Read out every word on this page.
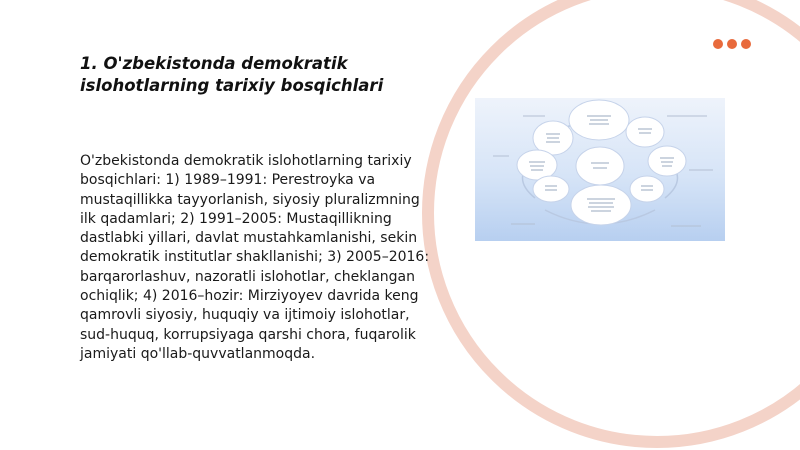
1. O'zbekistonda demokratik islohotlarning tarixiy bosqichlari

O'zbekistonda demokratik islohotlarning tarixiy bosqichlari: 1) 1989–1991: Perestroyka va mustaqillikka tayyorlanish, siyosiy pluralizmning ilk qadamlari; 2) 1991–2005: Mustaqillikning dastlabki yillari, davlat mustahkamlanishi, sekin demokratik institutlar shakllanishi; 3) 2005–2016: barqarorlashuv, nazoratli islohotlar, cheklangan ochiqlik; 4) 2016–hozir: Mirziyoyev davrida keng qamrovli siyosiy, huquqiy va ijtimoiy islohotlar, sud-huquq, korrupsiyaga qarshi chora, fuqarolik jamiyati qo'llab-quvvatlanmoqda.
